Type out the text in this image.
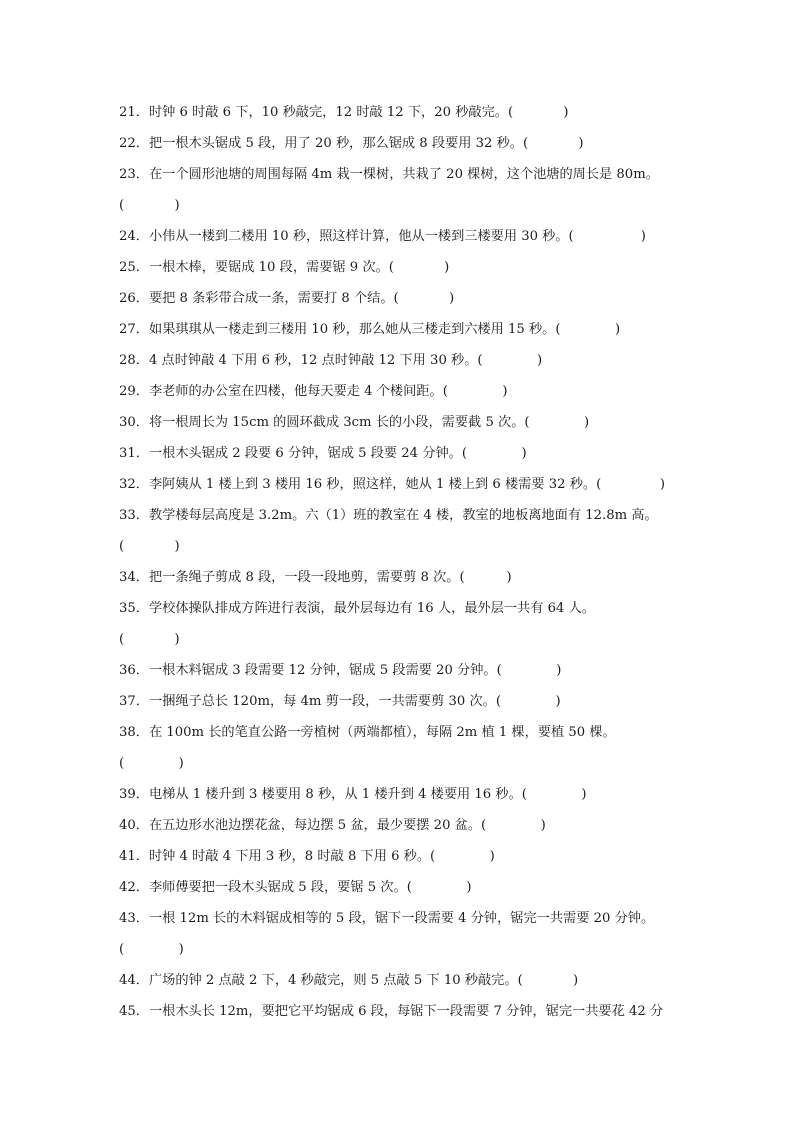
21．时钟 6 时敲 6 下，10 秒敲完，12 时敲 12 下，20 秒敲完。(            )
22．把一根木头锯成 5 段，用了 20 秒，那么锯成 8 段要用 32 秒。(            )
23．在一个圆形池塘的周围每隔 4m 栽一棵树，共栽了 20 棵树，这个池塘的周长是 80m。
(            )
24．小伟从一楼到二楼用 10 秒，照这样计算，他从一楼到三楼要用 30 秒。(                )
25．一根木棒，要锯成 10 段，需要锯 9 次。(            )
26．要把 8 条彩带合成一条，需要打 8 个结。(            )
27．如果琪琪从一楼走到三楼用 10 秒，那么她从三楼走到六楼用 15 秒。(             )
28．4 点时钟敲 4 下用 6 秒，12 点时钟敲 12 下用 30 秒。(             )
29．李老师的办公室在四楼，他每天要走 4 个楼间距。(             )
30．将一根周长为 15cm 的圆环截成 3cm 长的小段，需要截 5 次。(             )
31．一根木头锯成 2 段要 6 分钟，锯成 5 段要 24 分钟。(             )
32．李阿姨从 1 楼上到 3 楼用 16 秒，照这样，她从 1 楼上到 6 楼需要 32 秒。(              )
33．教学楼每层高度是 3.2m。六（1）班的教室在 4 楼，教室的地板离地面有 12.8m 高。
(            )
34．把一条绳子剪成 8 段，一段一段地剪，需要剪 8 次。(          )
35．学校体操队排成方阵进行表演，最外层每边有 16 人，最外层一共有 64 人。
(            )
36．一根木料锯成 3 段需要 12 分钟，锯成 5 段需要 20 分钟。(             )
37．一捆绳子总长 120m，每 4m 剪一段，一共需要剪 30 次。(             )
38．在 100m 长的笔直公路一旁植树（两端都植），每隔 2m 植 1 棵，要植 50 棵。
(             )
39．电梯从 1 楼升到 3 楼要用 8 秒，从 1 楼升到 4 楼要用 16 秒。(             )
40．在五边形水池边摆花盆，每边摆 5 盆，最少要摆 20 盆。(             )
41．时钟 4 时敲 4 下用 3 秒，8 时敲 8 下用 6 秒。(             )
42．李师傅要把一段木头锯成 5 段，要锯 5 次。(             )
43．一根 12m 长的木料锯成相等的 5 段，锯下一段需要 4 分钟，锯完一共需要 20 分钟。
(             )
44．广场的钟 2 点敲 2 下，4 秒敲完，则 5 点敲 5 下 10 秒敲完。(            )
45．一根木头长 12m，要把它平均锯成 6 段，每锯下一段需要 7 分钟，锯完一共要花 42 分
